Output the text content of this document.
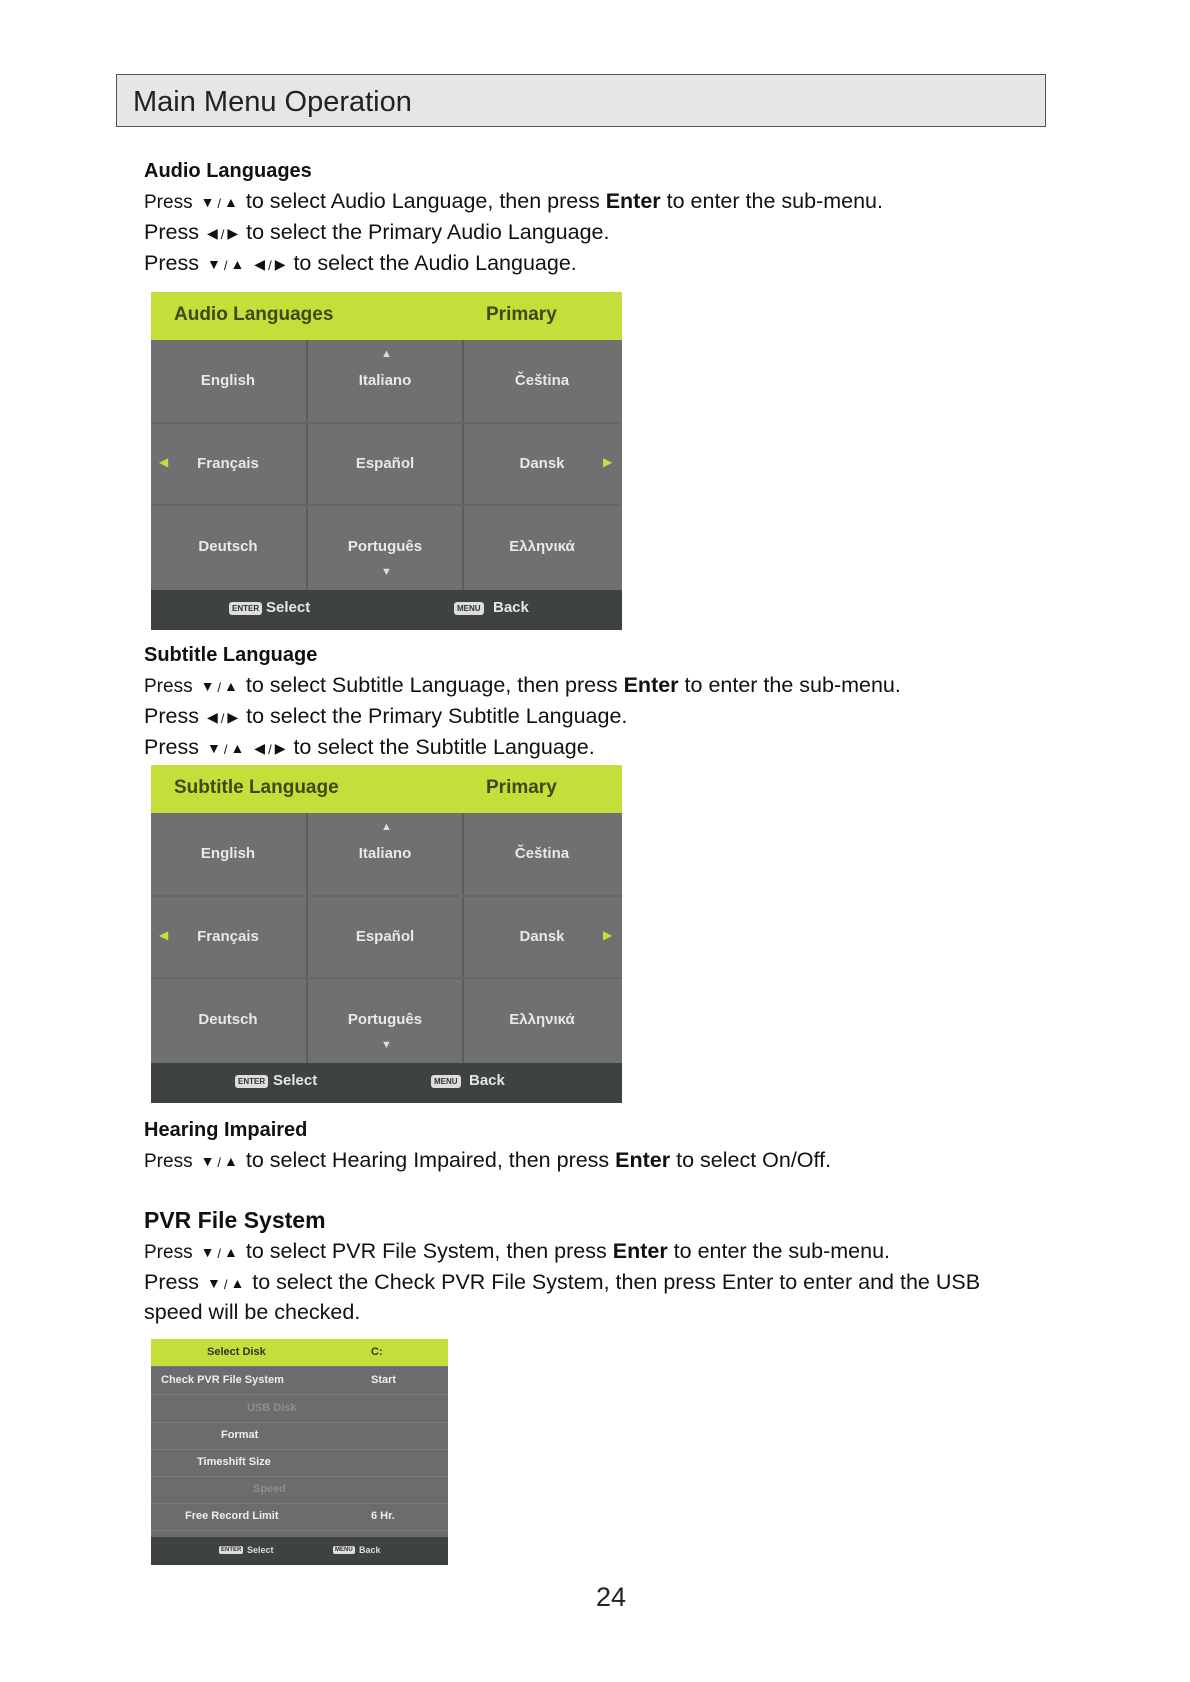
Main Menu Operation
Audio Languages
Press ▼ / ▲ to select Audio Language, then press Enter to enter the sub-menu.
Press ◀ / ▶ to select the Primary Audio Language.
Press ▼ / ▲ ◀ / ▶ to select the Audio Language.
Audio Languages	Primary
English	Italiano	Čeština
Français	Español	Dansk
Deutsch	Português	Ελληνικά
▲
▼
◀	▶
ENTER Select	MENU Back
Subtitle Language
Press ▼ / ▲ to select Subtitle Language, then press Enter to enter the sub-menu.
Press ◀ / ▶ to select the Primary Subtitle Language.
Press ▼ / ▲ ◀ / ▶ to select the Subtitle Language.
Subtitle Language	Primary
English	Italiano	Čeština
Français	Español	Dansk
Deutsch	Português	Ελληνικά
▲
▼
◀	▶
ENTER Select	MENU Back
Hearing Impaired
Press ▼ / ▲ to select Hearing Impaired, then press Enter to select On/Off.
PVR File System
Press ▼ / ▲ to select PVR File System, then press Enter to enter the sub-menu.
Press ▼ / ▲ to select the Check PVR File System, then press Enter to enter and the USB
speed will be checked.
Select Disk	C:
Check PVR File System	Start
USB Disk
Format
Timeshift Size
Speed
Free Record Limit	6 Hr.
ENTER Select	MENU Back
24
